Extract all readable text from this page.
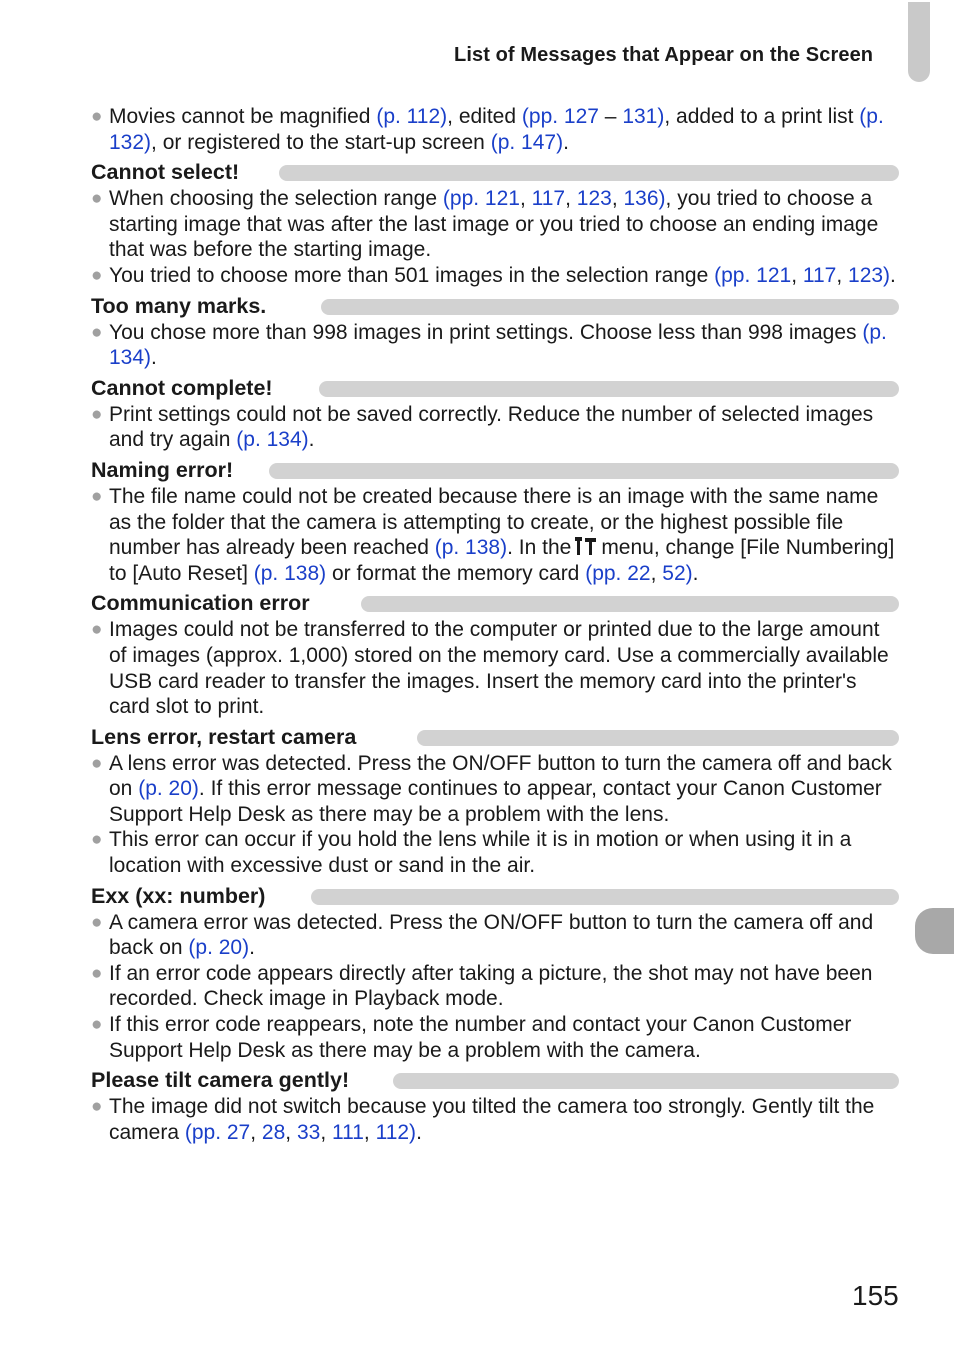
List of Messages that Appear on the Screen
155
● Movies cannot be magnified (p. 112), edited (pp. 127 – 131), added to a print list (p. 132), or registered to the start-up screen (p. 147).
Cannot select!
● When choosing the selection range (pp. 121, 117, 123, 136), you tried to choose a starting image that was after the last image or you tried to choose an ending image that was before the starting image.
● You tried to choose more than 501 images in the selection range (pp. 121, 117, 123).
Too many marks.
● You chose more than 998 images in print settings. Choose less than 998 images (p. 134).
Cannot complete!
● Print settings could not be saved correctly. Reduce the number of selected images and try again (p. 134).
Naming error!
● The file name could not be created because there is an image with the same name as the folder that the camera is attempting to create, or the highest possible file number has already been reached (p. 138). In the menu, change [File Numbering] to [Auto Reset] (p. 138) or format the memory card (pp. 22, 52).
Communication error
● Images could not be transferred to the computer or printed due to the large amount of images (approx. 1,000) stored on the memory card. Use a commercially available USB card reader to transfer the images. Insert the memory card into the printer's card slot to print.
Lens error, restart camera
● A lens error was detected. Press the ON/OFF button to turn the camera off and back on (p. 20). If this error message continues to appear, contact your Canon Customer Support Help Desk as there may be a problem with the lens.
● This error can occur if you hold the lens while it is in motion or when using it in a location with excessive dust or sand in the air.
Exx (xx: number)
● A camera error was detected. Press the ON/OFF button to turn the camera off and back on (p. 20).
● If an error code appears directly after taking a picture, the shot may not have been recorded. Check image in Playback mode.
● If this error code reappears, note the number and contact your Canon Customer Support Help Desk as there may be a problem with the camera.
Please tilt camera gently!
● The image did not switch because you tilted the camera too strongly. Gently tilt the camera (pp. 27, 28, 33, 111, 112).
